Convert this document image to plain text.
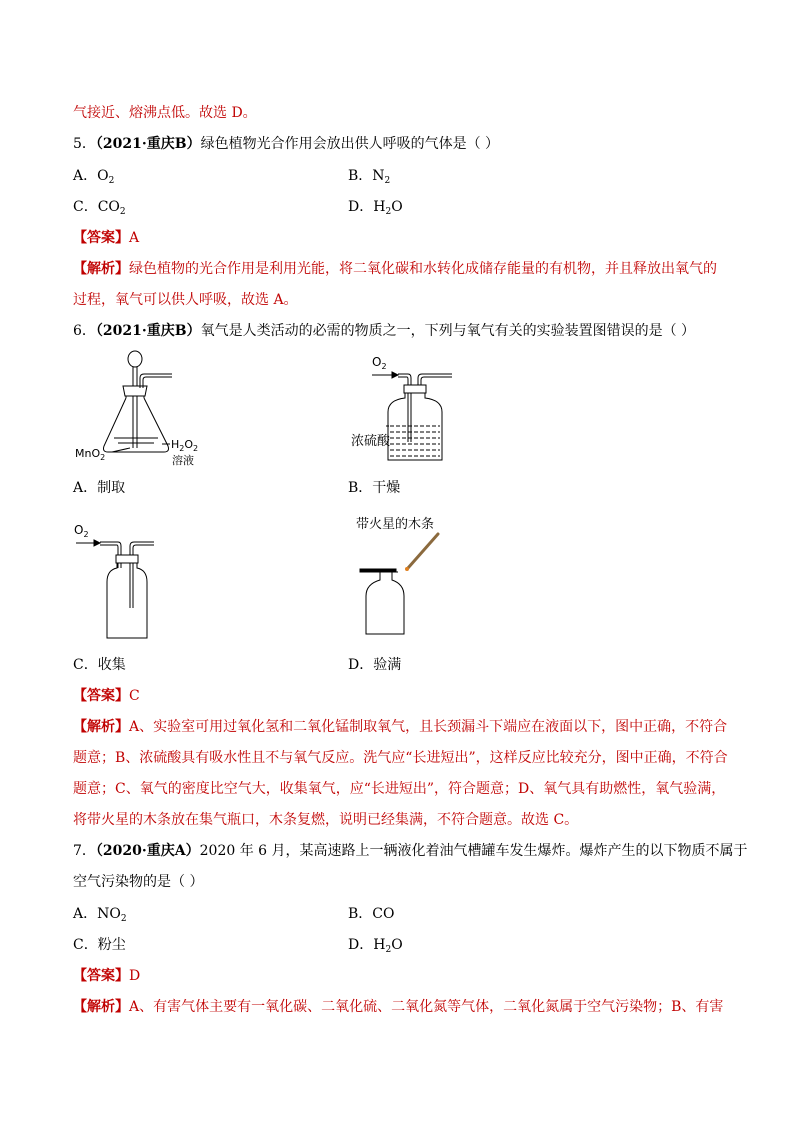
气接近、熔沸点低。故选 D。
5．（2021·重庆B）绿色植物光合作用会放出供人呼吸的气体是（ ）
A．$O_2$	B．$N_2$
C．$CO_2$	D．$H_2O$
【答案】A
【解析】绿色植物的光合作用是利用光能，将二氧化碳和水转化成储存能量的有机物，并且释放出氧气的
过程，氧气可以供人呼吸，故选 A。
6．（2021·重庆B）氧气是人类活动的必需的物质之一，下列与氧气有关的实验装置图错误的是（ ）
MnO$_2$
$H_2O_2$
溶液
$O_2$
浓硫酸
A．制取	B．干燥
$O_2$
带火星的木条
C．收集	D．验满
【答案】C
【解析】A、实验室可用过氧化氢和二氧化锰制取氧气，且长颈漏斗下端应在液面以下，图中正确，不符合
题意；B、浓硫酸具有吸水性且不与氧气反应。洗气应“长进短出”，这样反应比较充分，图中正确，不符合
题意；C、氧气的密度比空气大，收集氧气，应“长进短出”，符合题意；D、氧气具有助燃性，氧气验满，
将带火星的木条放在集气瓶口，木条复燃，说明已经集满，不符合题意。故选 C。
7．（2020·重庆A）2020 年 6 月，某高速路上一辆液化着油气槽罐车发生爆炸。爆炸产生的以下物质不属于
空气污染物的是（ ）
A．$NO_2$	B．CO
C．粉尘	D．$H_2O$
【答案】D
【解析】A、有害气体主要有一氧化碳、二氧化硫、二氧化氮等气体，二氧化氮属于空气污染物；B、有害
